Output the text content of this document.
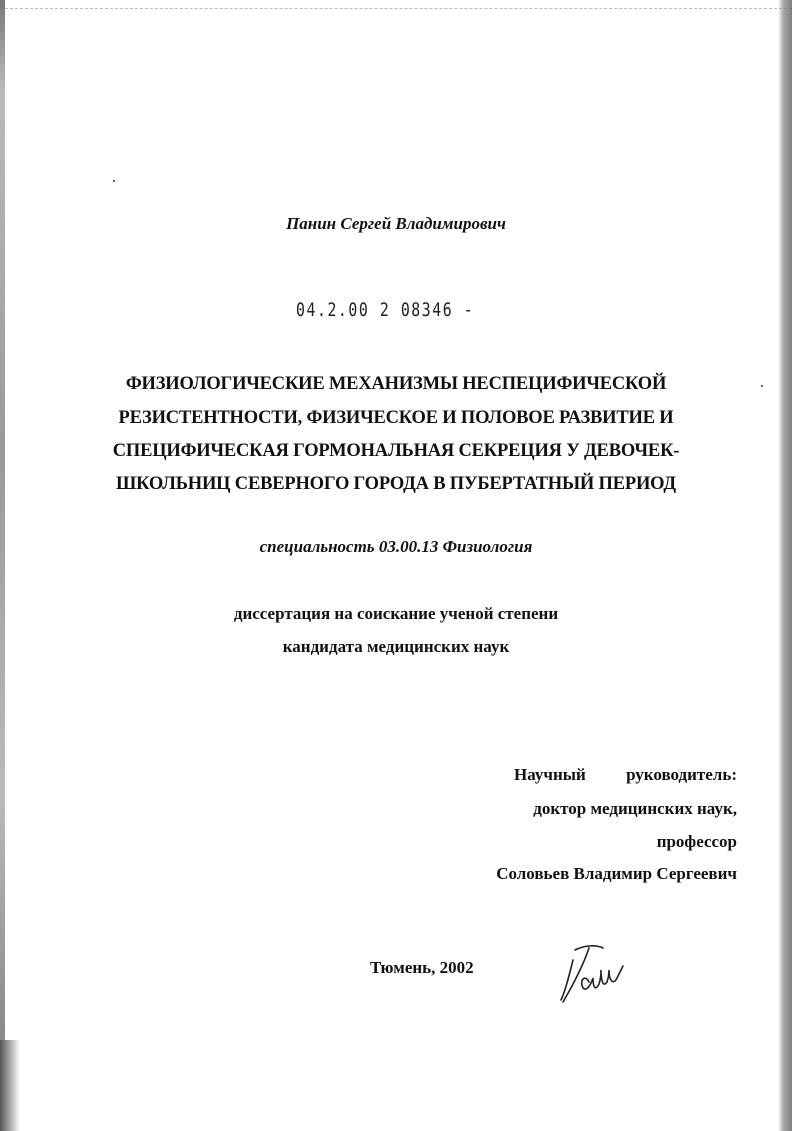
Панин Сергей Владимирович
04.2.00 2 08346 -
ФИЗИОЛОГИЧЕСКИЕ МЕХАНИЗМЫ НЕСПЕЦИФИЧЕСКОЙ
РЕЗИСТЕНТНОСТИ, ФИЗИЧЕСКОЕ И ПОЛОВОЕ РАЗВИТИЕ И
СПЕЦИФИЧЕСКАЯ ГОРМОНАЛЬНАЯ СЕКРЕЦИЯ У ДЕВОЧЕК-
ШКОЛЬНИЦ СЕВЕРНОГО ГОРОДА В ПУБЕРТАТНЫЙ ПЕРИОД
специальность 03.00.13 Физиология
диссертация на соискание ученой степени
кандидата медицинских наук
Научный руководитель:
доктор медицинских наук,
профессор
Соловьев Владимир Сергеевич
Тюмень, 2002
